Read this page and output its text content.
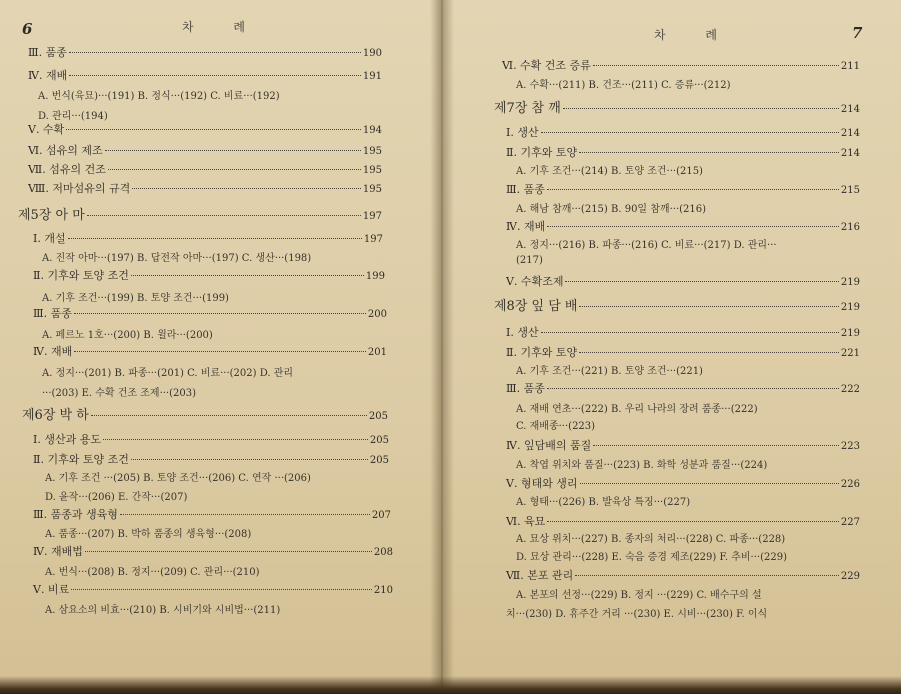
6	차 례
Ⅲ. 품종	190
Ⅳ. 재배	191
A. 번식(육묘)···(191) B. 정식···(192) C. 비료···(192)
D. 관리···(194)
Ⅴ. 수확	194
Ⅵ. 섬유의 제조	195
Ⅶ. 섬유의 건조	195
Ⅷ. 저마섬유의 규격	195
제5장 아 마	197
Ⅰ. 개설	197
A. 진작 아마···(197) B. 답전작 아마···(197) C. 생산···(198)
Ⅱ. 기후와 토양 조건	199
A. 기후 조건···(199) B. 토양 조건···(199)
Ⅲ. 품종	200
A. 페르노 1호···(200) B. 윌라···(200)
Ⅳ. 재배	201
A. 정지···(201) B. 파종···(201) C. 비료···(202) D. 관리
···(203) E. 수확 건조 조제···(203)
제6장 박 하	205
Ⅰ. 생산과 용도	205
Ⅱ. 기후와 토양 조건	205
A. 기후 조건 ···(205) B. 토양 조건···(206) C. 연작 ···(206)
D. 윤작···(206) E. 간작···(207)
Ⅲ. 품종과 생육형	207
A. 품종···(207) B. 박하 품종의 생육형···(208)
Ⅳ. 재배법	208
A. 번식···(208) B. 정지···(209) C. 관리···(210)
Ⅴ. 비료	210
A. 삼요소의 비효···(210) B. 시비기와 시비법···(211)
차 례	7
Ⅵ. 수확 건조 증류	211
A. 수확···(211) B. 건조···(211) C. 증류···(212)
제7장 참 깨	214
Ⅰ. 생산	214
Ⅱ. 기후와 토양	214
A. 기후 조건···(214) B. 토양 조건···(215)
Ⅲ. 품종	215
A. 해남 참깨···(215) B. 90일 참깨···(216)
Ⅳ. 재배	216
A. 정지···(216) B. 파종···(216) C. 비료···(217) D. 관리···
(217)
Ⅴ. 수확조제	219
제8장 잎 담 배	219
Ⅰ. 생산	219
Ⅱ. 기후와 토양	221
A. 기후 조건···(221) B. 토양 조건···(221)
Ⅲ. 품종	222
A. 재배 연초···(222) B. 우리 나라의 장려 품종···(222)
C. 재배종···(223)
Ⅳ. 잎담배의 품질	223
A. 착엽 위치와 품질···(223) B. 화학 성분과 품질···(224)
Ⅴ. 형태와 생리	226
A. 형태···(226) B. 발육상 특징···(227)
Ⅵ. 육묘	227
A. 묘상 위치···(227) B. 종자의 처리···(228) C. 파종···(228)
D. 묘상 관리···(228) E. 숙음 증경 제조(229) F. 추비···(229)
Ⅶ. 본포 관리	229
A. 본포의 선정···(229) B. 정지 ···(229) C. 배수구의 설
치···(230) D. 휴주간 거리 ···(230) E. 시비···(230) F. 이식
